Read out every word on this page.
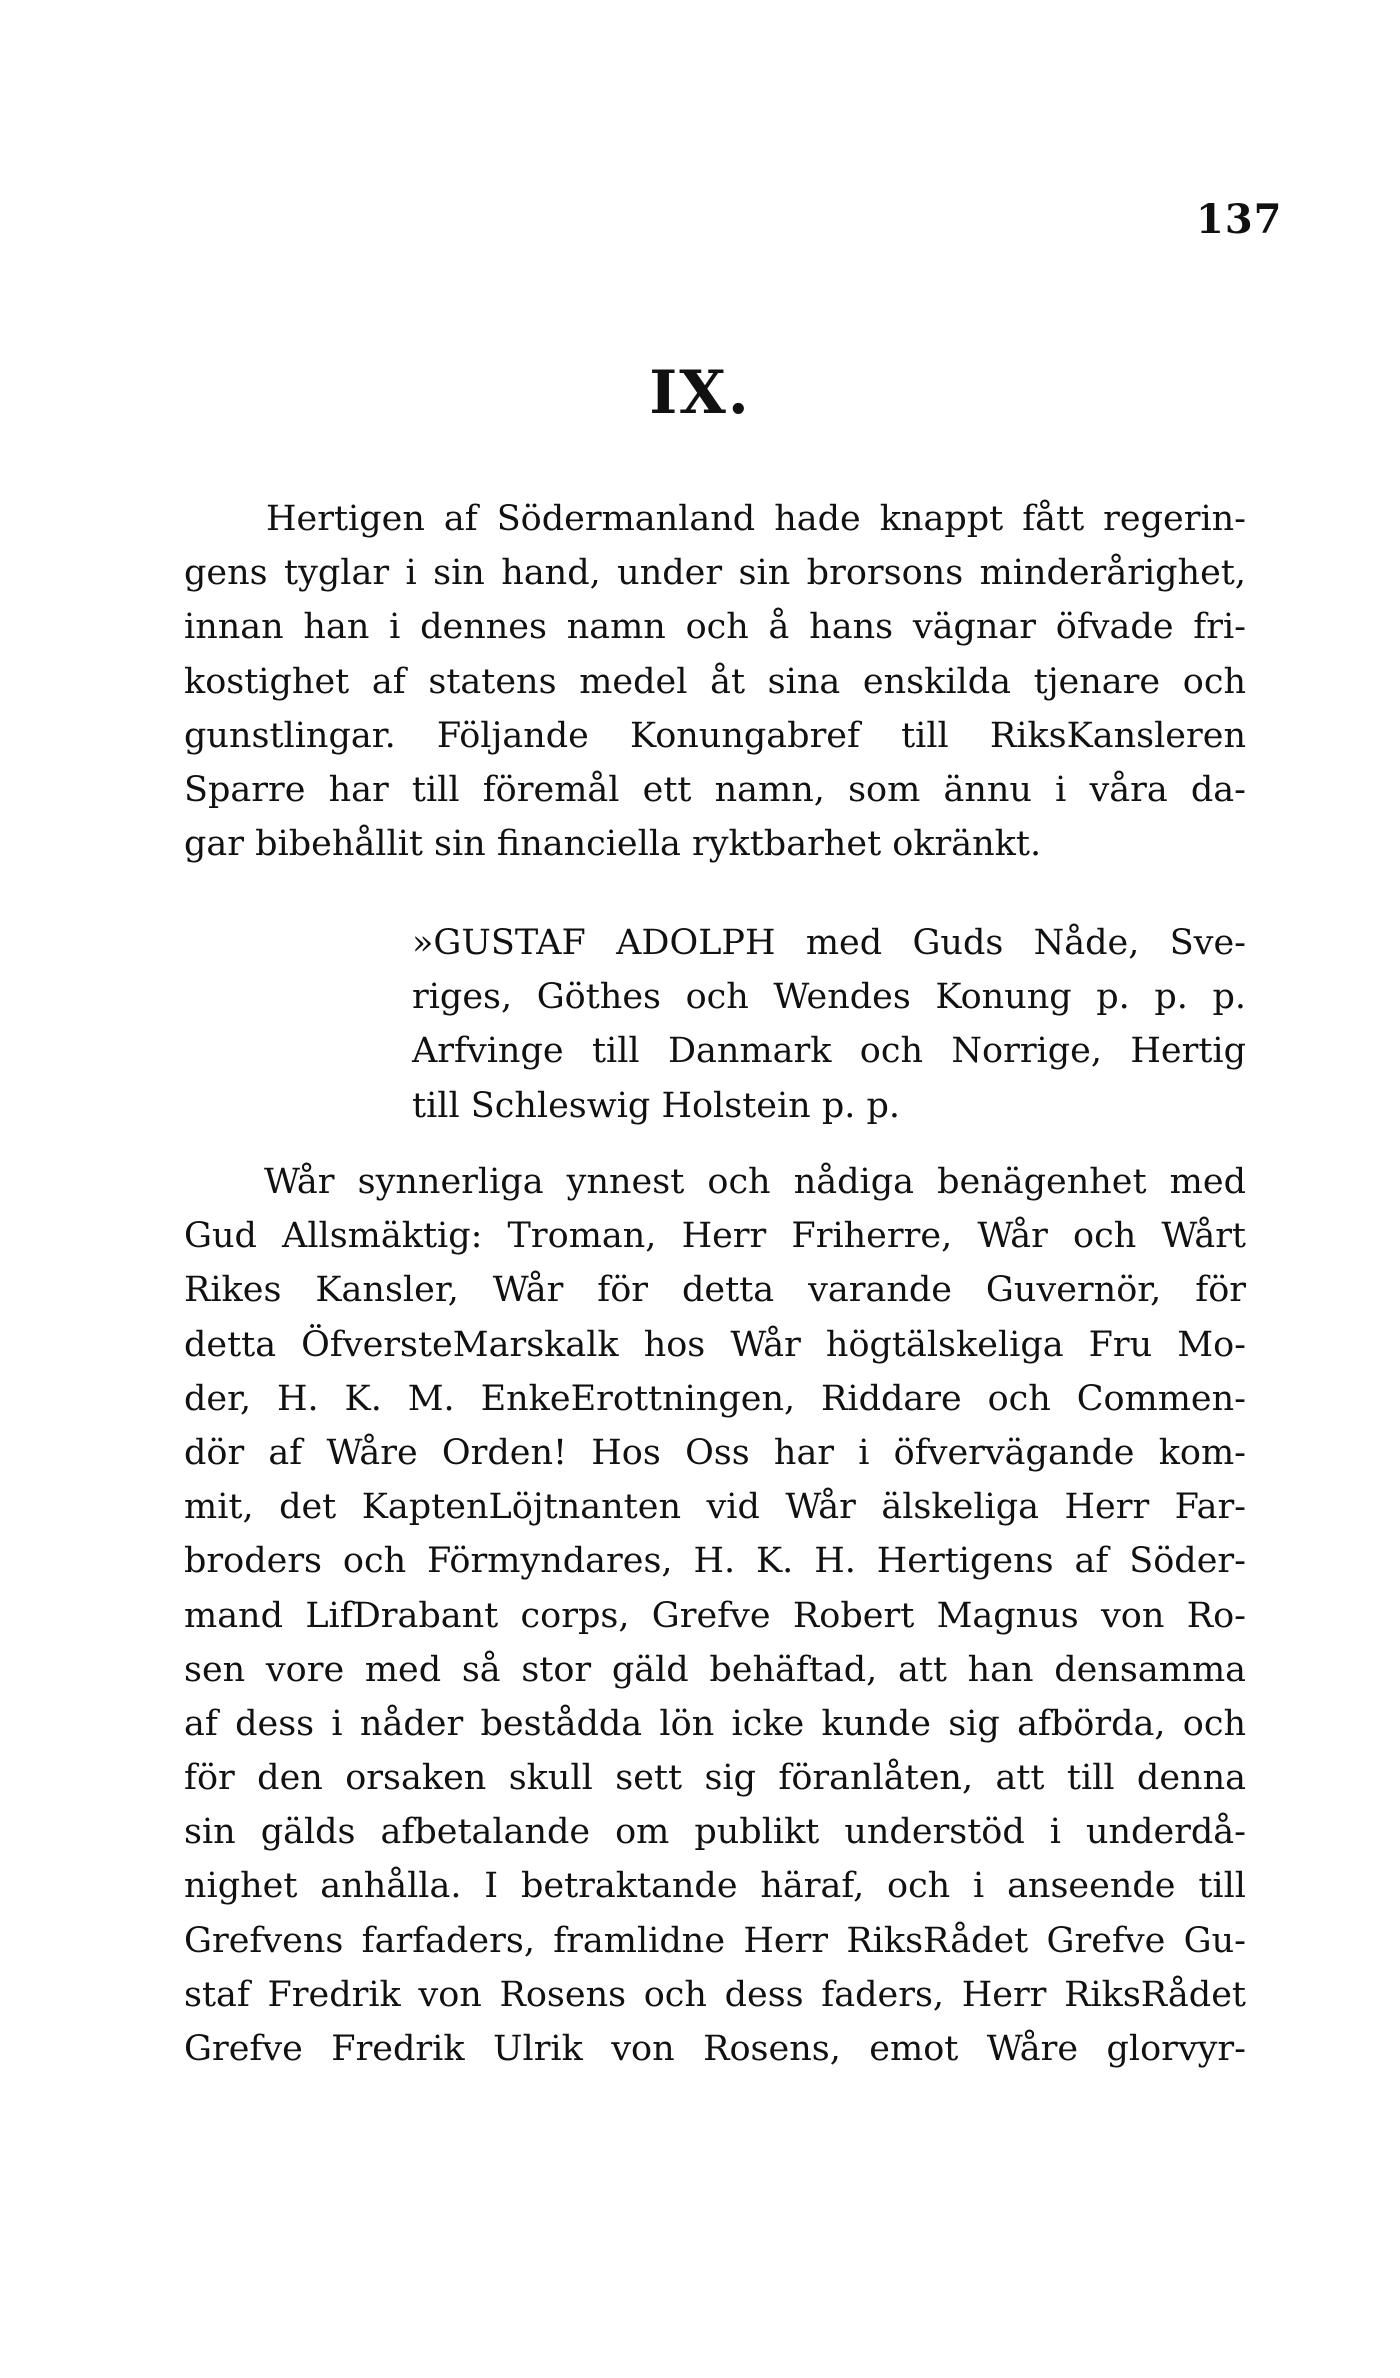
137
IX.
Hertigen af Södermanland hade knappt fått regerin-
gens tyglar i sin hand, under sin brorsons minderårighet,
innan han i dennes namn och å hans vägnar öfvade fri-
kostighet af statens medel åt sina enskilda tjenare och
gunstlingar. Följande Konungabref till RiksKansleren
Sparre har till föremål ett namn, som ännu i våra da-
gar bibehållit sin financiella ryktbarhet okränkt.
»GUSTAF ADOLPH med Guds Nåde, Sve-
riges, Göthes och Wendes Konung p. p. p.
Arfvinge till Danmark och Norrige, Hertig
till Schleswig Holstein p. p.
Wår synnerliga ynnest och nådiga benägenhet med
Gud Allsmäktig: Troman, Herr Friherre, Wår och Wårt
Rikes Kansler, Wår för detta varande Guvernör, för
detta ÖfversteMarskalk hos Wår högtälskeliga Fru Mo-
der, H. K. M. EnkeErottningen, Riddare och Commen-
dör af Wåre Orden! Hos Oss har i öfvervägande kom-
mit, det KaptenLöjtnanten vid Wår älskeliga Herr Far-
broders och Förmyndares, H. K. H. Hertigens af Söder-
mand LifDrabant corps, Grefve Robert Magnus von Ro-
sen vore med så stor gäld behäftad, att han densamma
af dess i nåder bestådda lön icke kunde sig afbörda, och
för den orsaken skull sett sig föranlåten, att till denna
sin gälds afbetalande om publikt understöd i underdå-
nighet anhålla. I betraktande häraf, och i anseende till
Grefvens farfaders, framlidne Herr RiksRådet Grefve Gu-
staf Fredrik von Rosens och dess faders, Herr RiksRådet
Grefve Fredrik Ulrik von Rosens, emot Wåre glorvyr-
